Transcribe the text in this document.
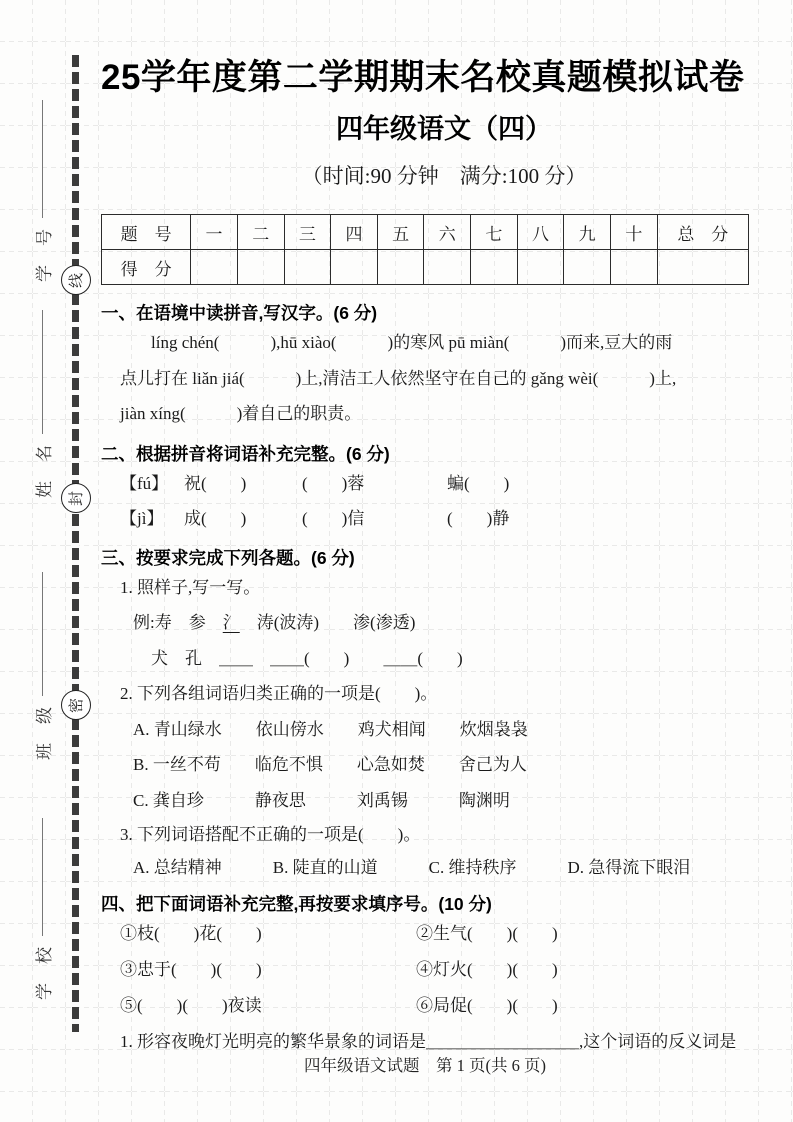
线
封
密
学　号
姓　名
班　级
学　校
25学年度第二学期期末名校真题模拟试卷
四年级语文（四）
（时间:90 分钟　满分:100 分）
题　号	一	二	三	四	五	六	七	八	九	十	总　分
得　分											
一、在语境中读拼音,写汉字。(6 分)
líng chén(　　　),hū xiào(　　　)的寒风 pū miàn(　　　)而来,豆大的雨
点儿打在 liǎn jiá(　　　)上,清洁工人依然坚守在自己的 gǎng wèi(　　　)上,
jiàn xíng(　　　)着自己的职责。
二、根据拼音将词语补充完整。(6 分)
【fú】 祝(　　)	(　　)蓉	蝙(　　)
【jì】	成(　　)	(　　)信	(　　)静
三、按要求完成下列各题。(6 分)
1. 照样子,写一写。
例:寿　参　氵　涛(波涛)　　渗(渗透)
犬　孔　＿＿　＿＿(　　)　　＿＿(　　)
2. 下列各组词语归类正确的一项是(　　)。
A. 青山绿水　　依山傍水　　鸡犬相闻　　炊烟袅袅
B. 一丝不苟　　临危不惧　　心急如焚　　舍己为人
C. 龚自珍　　　静夜思　　　刘禹锡　　　陶渊明
3. 下列词语搭配不正确的一项是(　　)。
A. 总结精神　　　B. 陡直的山道　　　C. 维持秩序　　　D. 急得流下眼泪
四、把下面词语补充完整,再按要求填序号。(10 分)
①枝(　　)花(　　)	②生气(　　)(　　)
③忠于(　　)(　　)	④灯火(　　)(　　)
⑤(　　)(　　)夜读	⑥局促(　　)(　　)
1. 形容夜晚灯光明亮的繁华景象的词语是＿＿＿＿＿＿＿＿＿,这个词语的反义词是
四年级语文试题　第 1 页(共 6 页)
